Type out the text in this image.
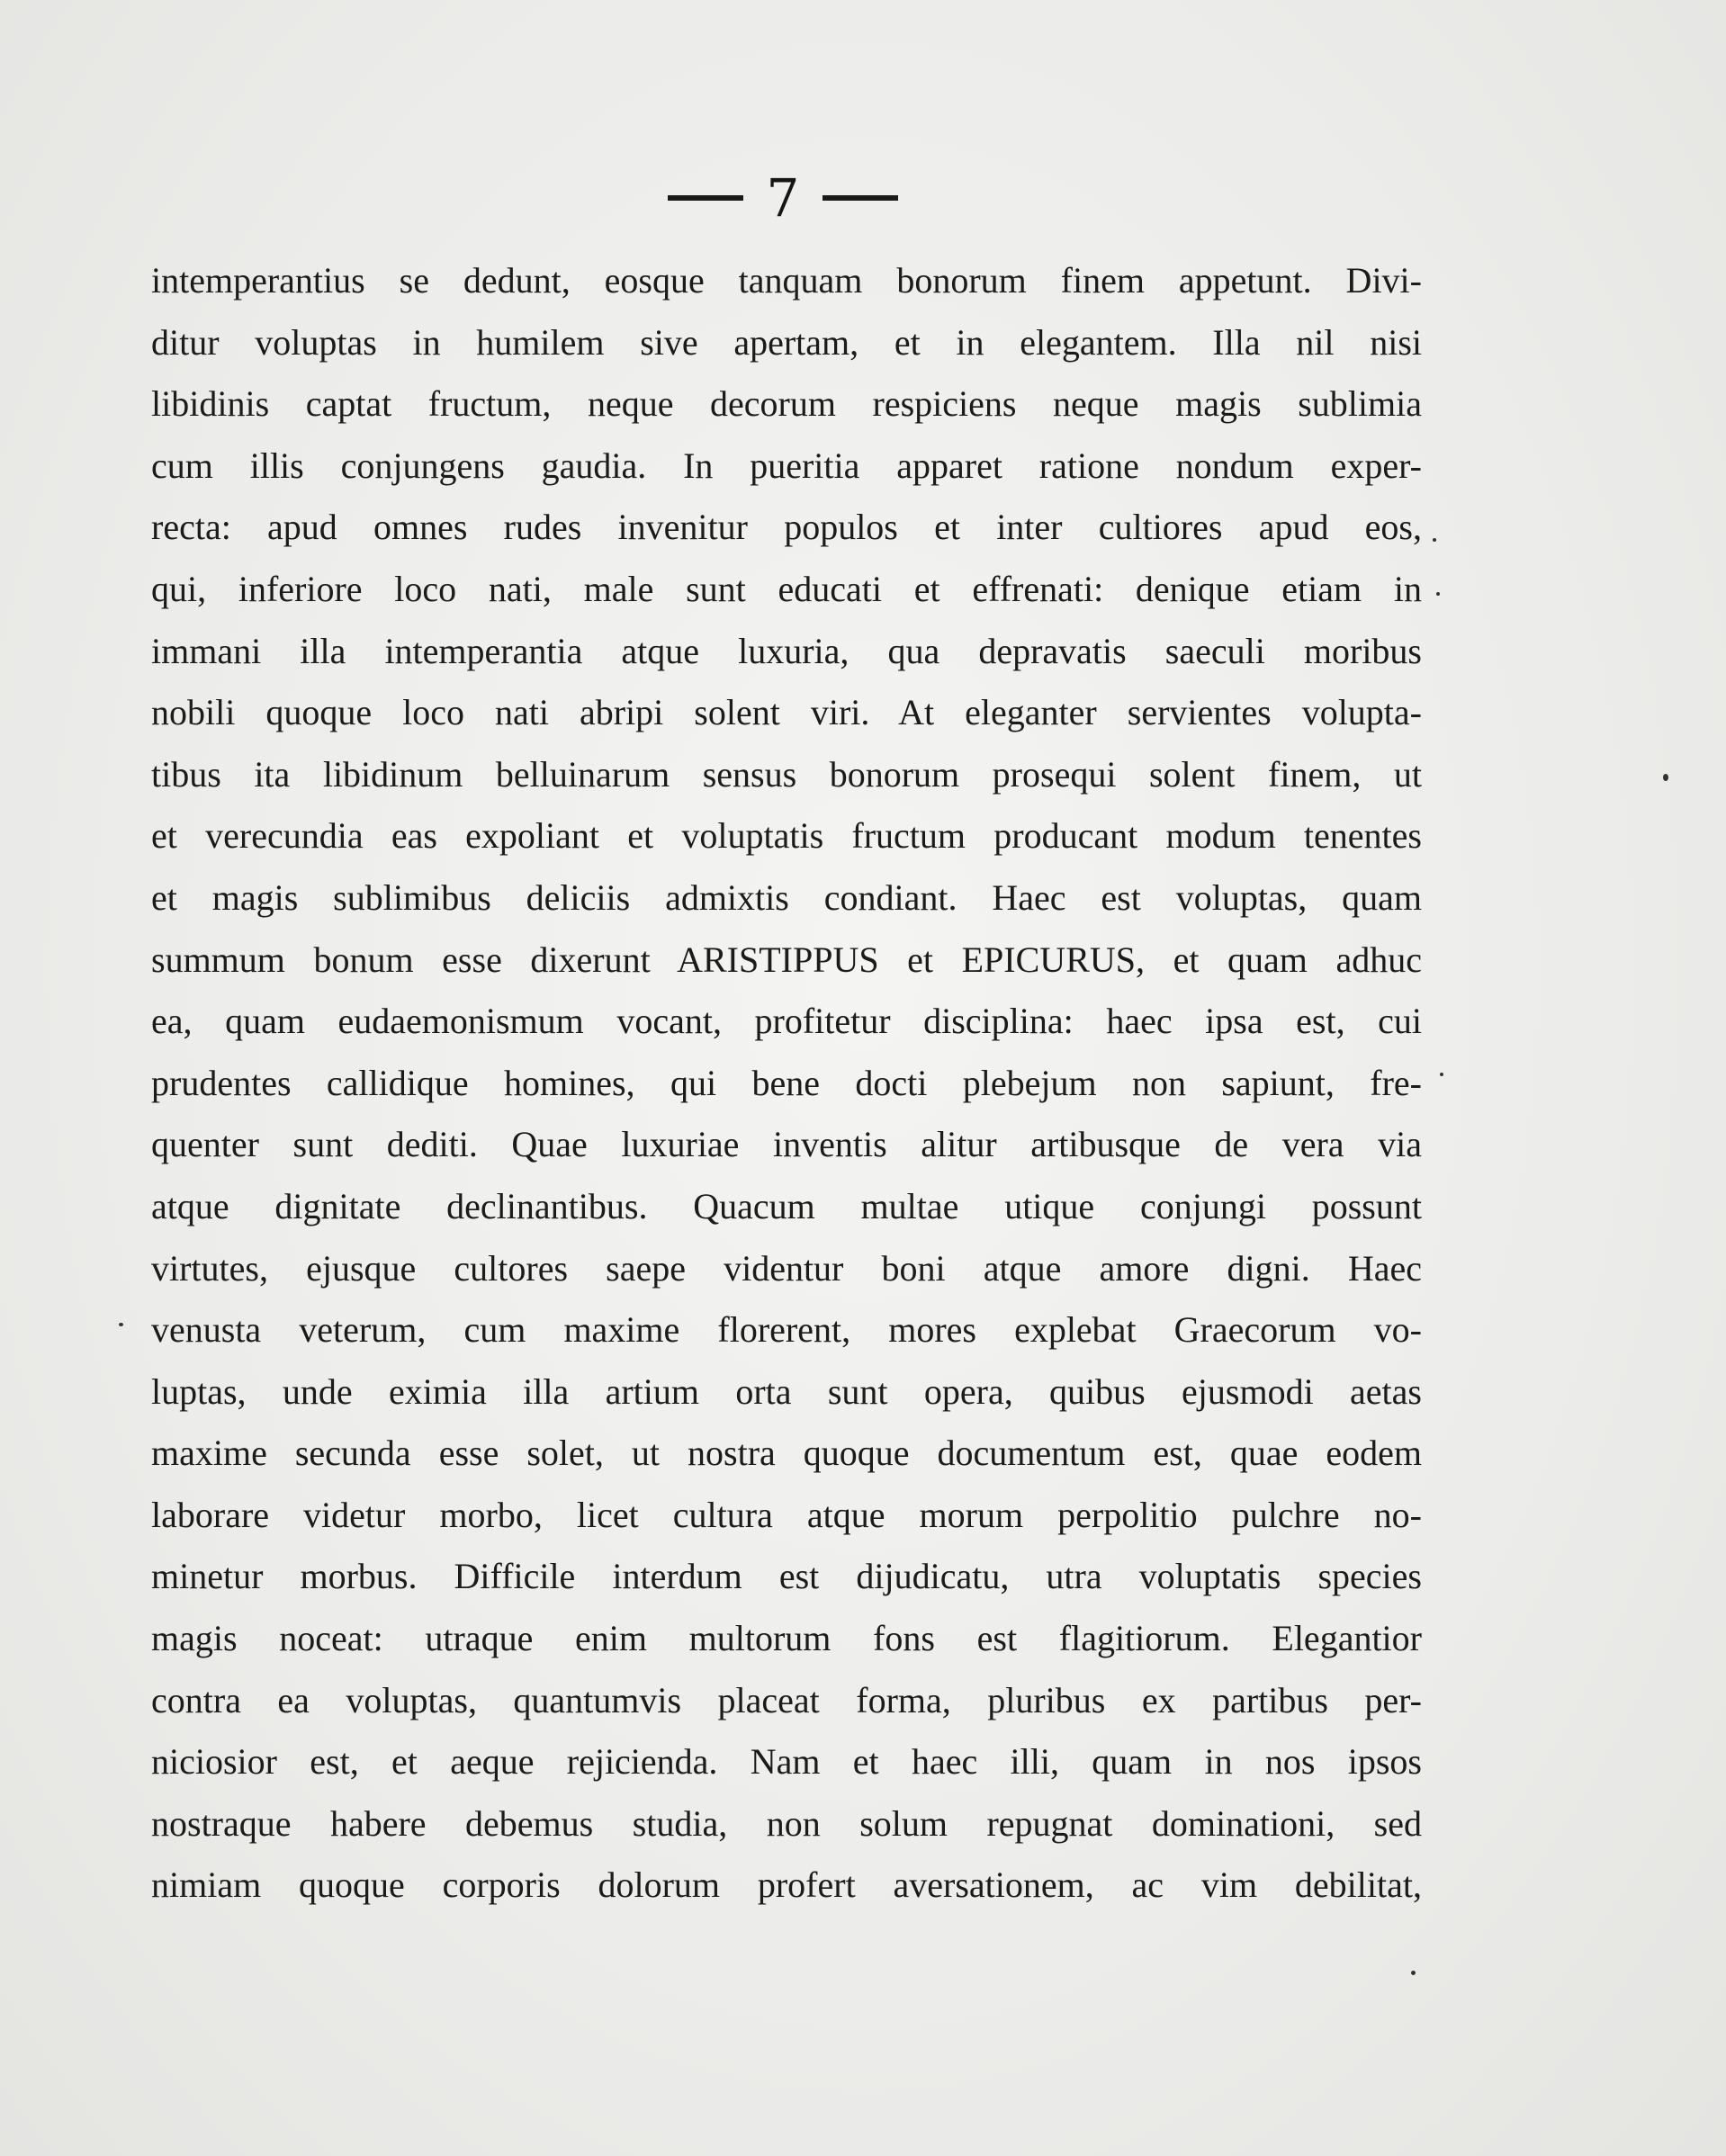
7
intemperantius se dedunt, eosque tanquam bonorum finem appetunt. Divi-
ditur voluptas in humilem sive apertam, et in elegantem. Illa nil nisi
libidinis captat fructum, neque decorum respiciens neque magis sublimia
cum illis conjungens gaudia. In pueritia apparet ratione nondum exper-
recta: apud omnes rudes invenitur populos et inter cultiores apud eos,
qui, inferiore loco nati, male sunt educati et effrenati: denique etiam in
immani illa intemperantia atque luxuria, qua depravatis saeculi moribus
nobili quoque loco nati abripi solent viri. At eleganter servientes volupta-
tibus ita libidinum belluinarum sensus bonorum prosequi solent finem, ut
et verecundia eas expoliant et voluptatis fructum producant modum tenentes
et magis sublimibus deliciis admixtis condiant. Haec est voluptas, quam
summum bonum esse dixerunt ARISTIPPUS et EPICURUS, et quam adhuc
ea, quam eudaemonismum vocant, profitetur disciplina: haec ipsa est, cui
prudentes callidique homines, qui bene docti plebejum non sapiunt, fre-
quenter sunt dediti. Quae luxuriae inventis alitur artibusque de vera via
atque dignitate declinantibus. Quacum multae utique conjungi possunt
virtutes, ejusque cultores saepe videntur boni atque amore digni. Haec
venusta veterum, cum maxime florerent, mores explebat Graecorum vo-
luptas, unde eximia illa artium orta sunt opera, quibus ejusmodi aetas
maxime secunda esse solet, ut nostra quoque documentum est, quae eodem
laborare videtur morbo, licet cultura atque morum perpolitio pulchre no-
minetur morbus. Difficile interdum est dijudicatu, utra voluptatis species
magis noceat: utraque enim multorum fons est flagitiorum. Elegantior
contra ea voluptas, quantumvis placeat forma, pluribus ex partibus per-
niciosior est, et aeque rejicienda. Nam et haec illi, quam in nos ipsos
nostraque habere debemus studia, non solum repugnat dominationi, sed
nimiam quoque corporis dolorum profert aversationem, ac vim debilitat,
